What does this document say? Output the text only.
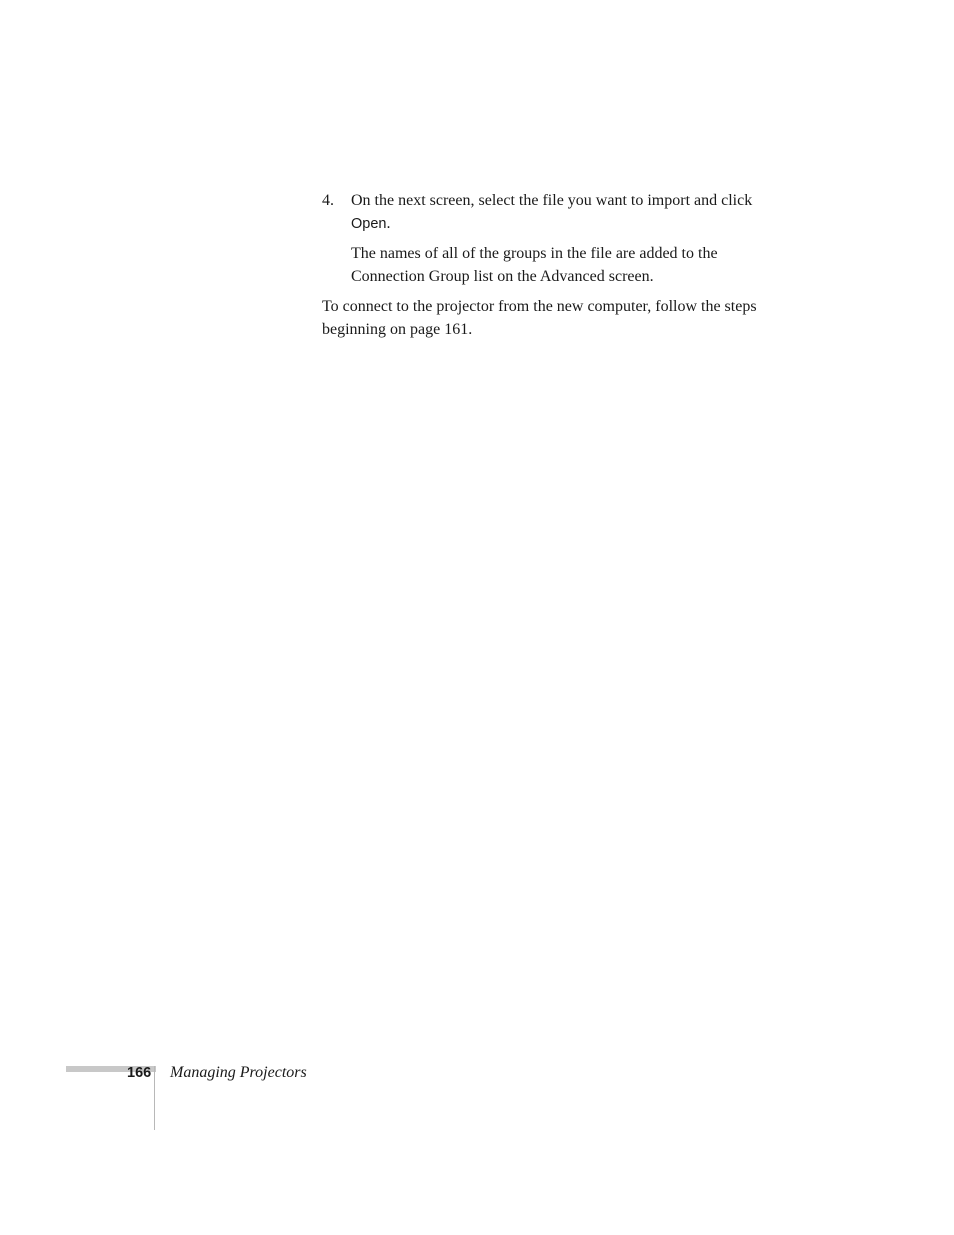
4. On the next screen, select the file you want to import and click Open.

The names of all of the groups in the file are added to the Connection Group list on the Advanced screen.

To connect to the projector from the new computer, follow the steps beginning on page 161.

166 Managing Projectors
